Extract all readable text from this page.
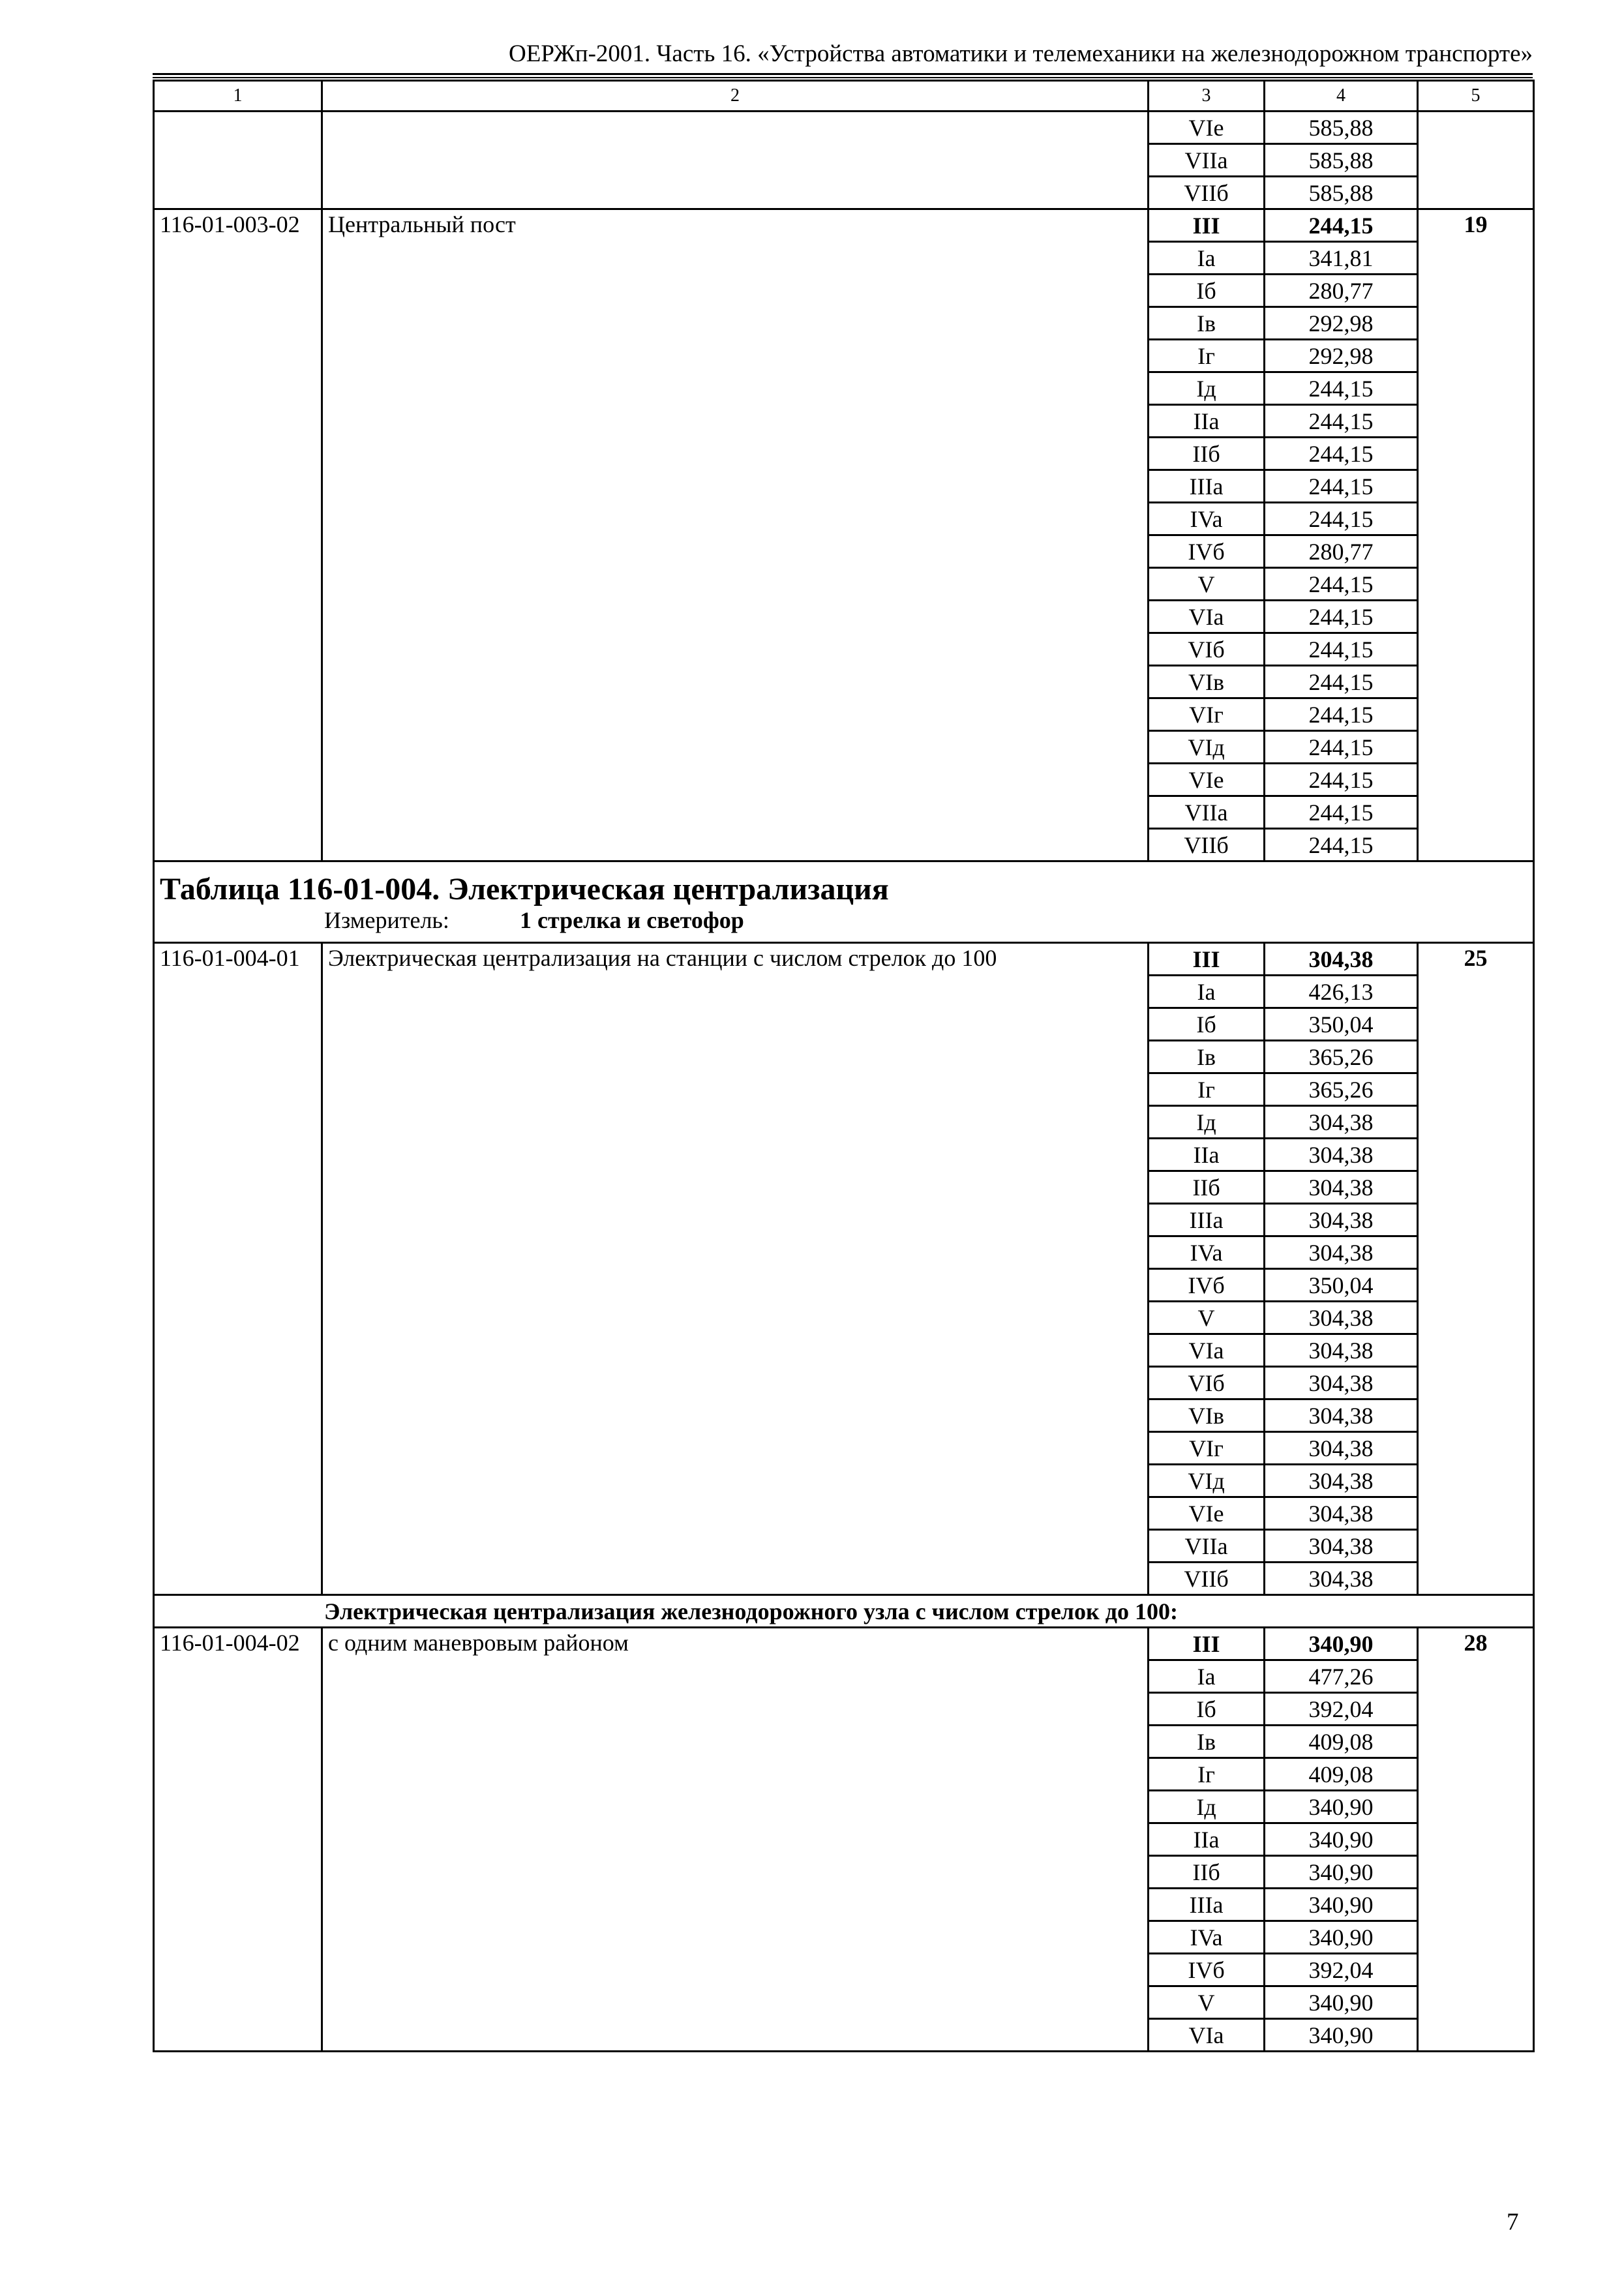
ОЕРЖп-2001. Часть 16. «Устройства автоматики и телемеханики на железнодорожном транспорте»
1	2	3	4	5
		VIe	585,88	
		VIIa	585,88	
		VIIб	585,88	
116-01-003-02	Центральный пост	III	244,15	19
		Ia	341,81	
		Iб	280,77	
		Iв	292,98	
		Iг	292,98	
		Iд	244,15	
		IIa	244,15	
		IIб	244,15	
		IIIa	244,15	
		IVa	244,15	
		IVб	280,77	
		V	244,15	
		VIa	244,15	
		VIб	244,15	
		VIв	244,15	
		VIг	244,15	
		VIд	244,15	
		VIe	244,15	
		VIIa	244,15	
		VIIб	244,15	

Таблица 116-01-004. Электрическая централизация
Измеритель: 1 стрелка и светофор				

116-01-004-01	Электрическая централизация на станции с числом стрелок до 100	III	304,38	25
		Ia	426,13	
		Iб	350,04	
		Iв	365,26	
		Iг	365,26	
		Iд	304,38	
		IIa	304,38	
		IIб	304,38	
		IIIa	304,38	
		IVa	304,38	
		IVб	350,04	
		V	304,38	
		VIa	304,38	
		VIб	304,38	
		VIв	304,38	
		VIг	304,38	
		VIд	304,38	
		VIe	304,38	
		VIIa	304,38	
		VIIб	304,38	
Электрическая централизация железнодорожного узла с числом стрелок до 100:				
116-01-004-02	с одним маневровым районом	III	340,90	28
		Ia	477,26	
		Iб	392,04	
		Iв	409,08	
		Iг	409,08	
		Iд	340,90	
		IIa	340,90	
		IIб	340,90	
		IIIa	340,90	
		IVa	340,90	
		IVб	392,04	
		V	340,90	
		VIa	340,90	
7
